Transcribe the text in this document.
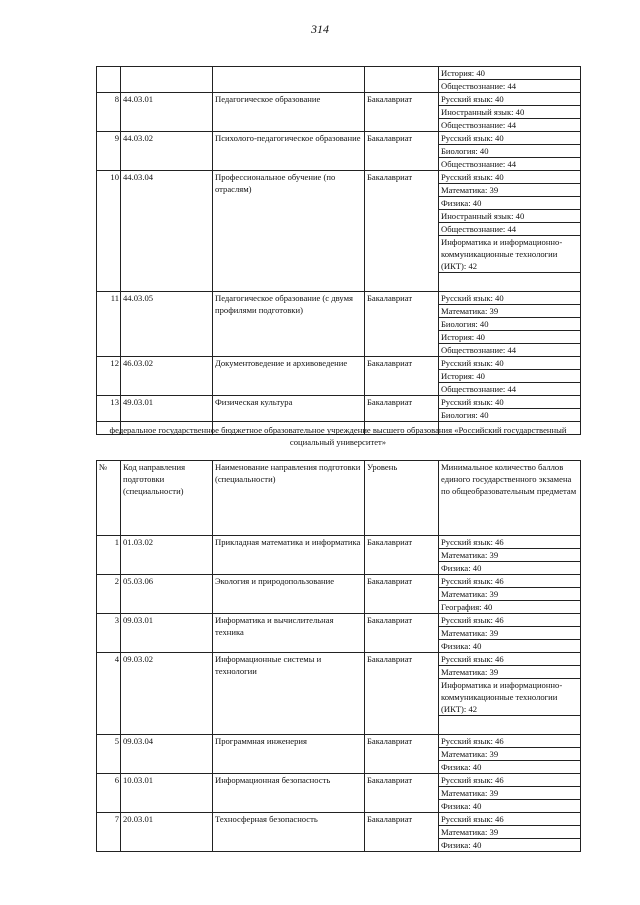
314
				История: 40
				Обществознание: 44
8	44.03.01	Педагогическое образование	Бакалавриат	Русский язык: 40
				Иностранный язык: 40
				Обществознание: 44
9	44.03.02	Психолого-педагогическое образование	Бакалавриат	Русский язык: 40
				Биология: 40
				Обществознание: 44
10	44.03.04	Профессиональное обучение (по отраслям)	Бакалавриат	Русский язык: 40
				Математика: 39
				Физика: 40
				Иностранный язык: 40
				Обществознание: 44
				Информатика и информационно-коммуникационные технологии (ИКТ): 42

11	44.03.05	Педагогическое образование (с двумя профилями подготовки)	Бакалавриат	Русский язык: 40
				Математика: 39
				Биология: 40
				История: 40
				Обществознание: 44
12	46.03.02	Документоведение и архивоведение	Бакалавриат	Русский язык: 40
				История: 40
				Обществознание: 44
13	49.03.01	Физическая культура	Бакалавриат	Русский язык: 40
				Биология: 40

федеральное государственное бюджетное образовательное учреждение высшего образования «Российский государственный социальный университет»
№	Код направления подготовки (специальности)	Наименование направления подготовки (специальности)	Уровень	Минимальное количество баллов единого государственного экзамена по общеобразовательным предметам
1	01.03.02	Прикладная математика и информатика	Бакалавриат	Русский язык: 46
				Математика: 39
				Физика: 40
2	05.03.06	Экология и природопользование	Бакалавриат	Русский язык: 46
				Математика: 39
				География: 40
3	09.03.01	Информатика и вычислительная техника	Бакалавриат	Русский язык: 46
				Математика: 39
				Физика: 40
4	09.03.02	Информационные системы и технологии	Бакалавриат	Русский язык: 46
				Математика: 39
				Информатика и информационно-коммуникационные технологии (ИКТ): 42

5	09.03.04	Программная инженерия	Бакалавриат	Русский язык: 46
				Математика: 39
				Физика: 40
6	10.03.01	Информационная безопасность	Бакалавриат	Русский язык: 46
				Математика: 39
				Физика: 40
7	20.03.01	Техносферная безопасность	Бакалавриат	Русский язык: 46
				Математика: 39
				Физика: 40
